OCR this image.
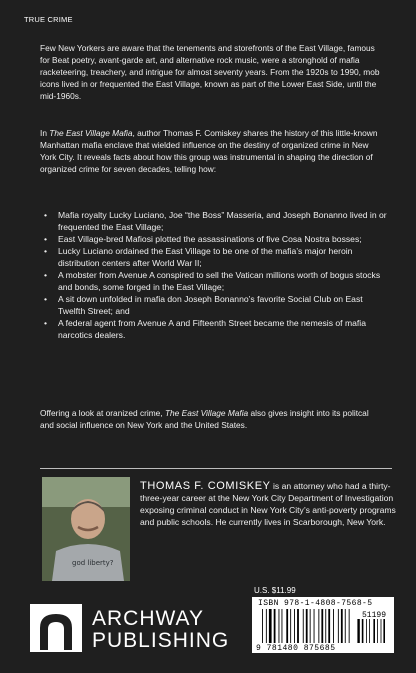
TRUE CRIME
Few New Yorkers are aware that the tenements and storefronts of the East Village, famous for Beat poetry, avant-garde art, and alternative rock music, were a stronghold of mafia racketeering, treachery, and intrigue for almost seventy years. From the 1920s to 1990, mob icons lived in or frequented the East Village, known as part of the Lower East Side, until the mid-1960s.
In The East Village Mafia, author Thomas F. Comiskey shares the history of this little-known Manhattan mafia enclave that wielded influence on the destiny of organized crime in New York City. It reveals facts about how this group was instrumental in shaping the direction of organized crime for seven decades, telling how:
• Mafia royalty Lucky Luciano, Joe “the Boss” Masseria, and Joseph Bonanno lived in or frequented the East Village;
• East Village-bred Mafiosi plotted the assassinations of five Cosa Nostra bosses;
• Lucky Luciano ordained the East Village to be one of the mafia’s major heroin distribution centers after World War II;
• A mobster from Avenue A conspired to sell the Vatican millions worth of bogus stocks and bonds, some forged in the East Village;
• A sit down unfolded in mafia don Joseph Bonanno’s favorite Social Club on East Twelfth Street; and
• A federal agent from Avenue A and Fifteenth Street became the nemesis of mafia narcotics dealers.
Offering a look at oranized crime, The East Village Mafia also gives insight into its politcal and social influence on New York and the United States.
god liberty?
THOMAS F. COMISKEY is an attorney who had a thirty-three-year career at the New York City Department of Investigation exposing criminal conduct in New York City’s anti-poverty programs and public schools. He currently lives in Scarborough, New York.
U.S. $11.99
ISBN 978-1-4808-7568-5
51199
9 781480 875685
ARCHWAY
PUBLISHING
